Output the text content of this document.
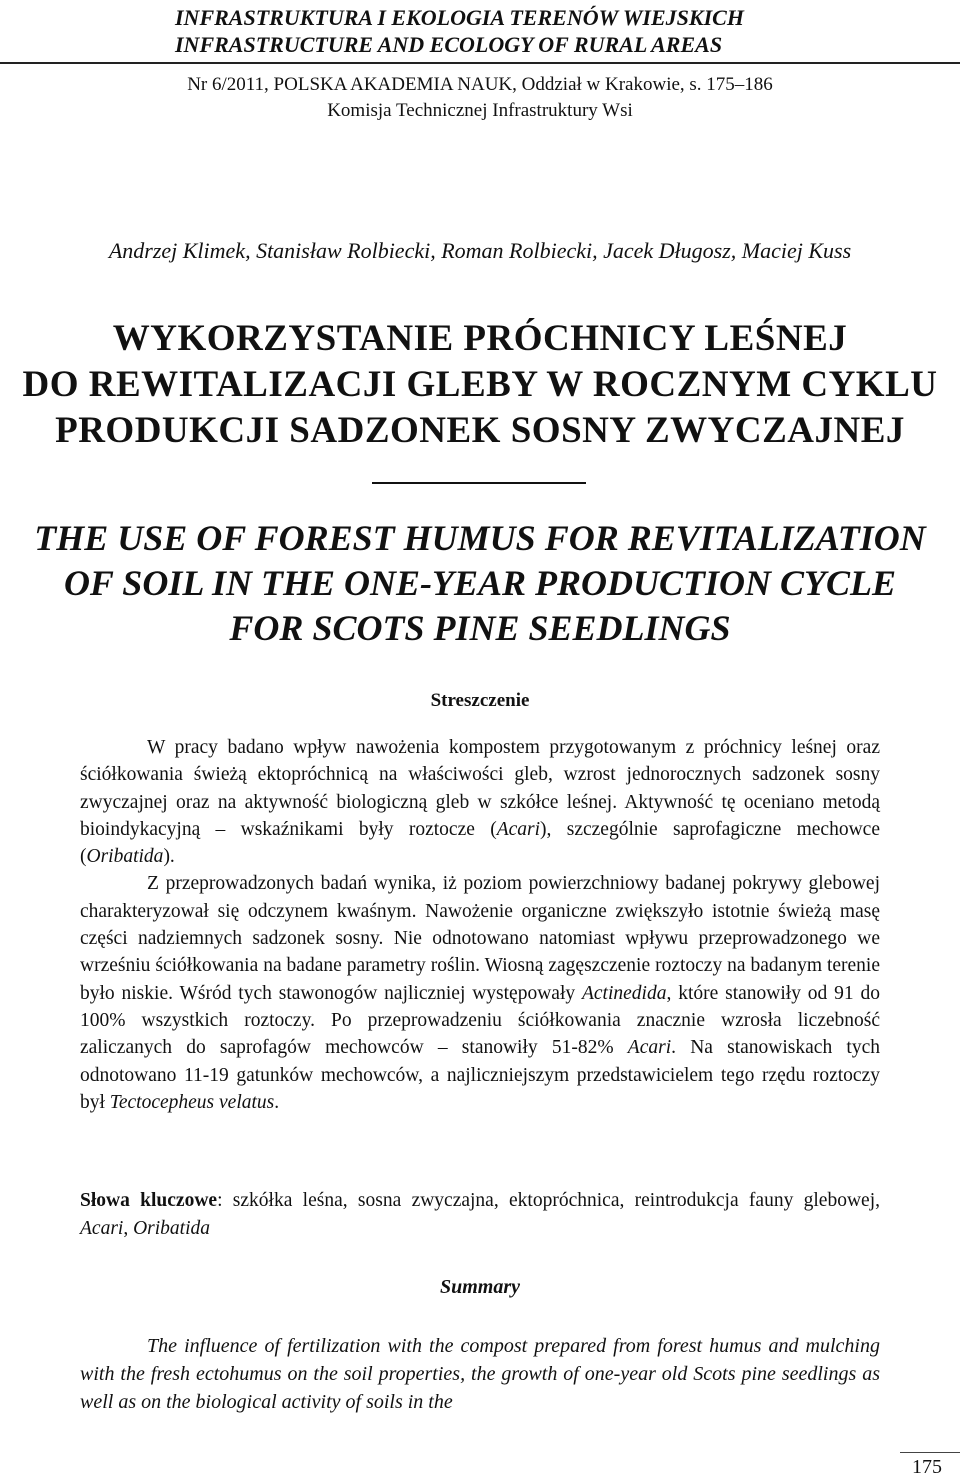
INFRASTRUKTURA I EKOLOGIA TERENÓW WIEJSKICH
INFRASTRUCTURE AND ECOLOGY OF RURAL AREAS
Nr 6/2011, POLSKA AKADEMIA NAUK, Oddział w Krakowie, s. 175–186
Komisja Technicznej Infrastruktury Wsi
Andrzej Klimek, Stanisław Rolbiecki, Roman Rolbiecki, Jacek Długosz, Maciej Kuss
WYKORZYSTANIE PRÓCHNICY LEŚNEJ
DO REWITALIZACJI GLEBY W ROCZNYM CYKLU
PRODUKCJI SADZONEK SOSNY ZWYCZAJNEJ
THE USE OF FOREST HUMUS FOR REVITALIZATION
OF SOIL IN THE ONE-YEAR PRODUCTION CYCLE
FOR SCOTS PINE SEEDLINGS
Streszczenie

W pracy badano wpływ nawożenia kompostem przygotowanym z próchnicy leśnej oraz ściółkowania świeżą ektopróchnicą na właściwości gleb, wzrost jednorocznych sadzonek sosny zwyczajnej oraz na aktywność biologiczną gleb w szkółce leśnej. Aktywność tę oceniano metodą bioindykacyjną – wskaźnikami były roztocze (Acari), szczególnie saprofagiczne mechowce (Oribatida).

Z przeprowadzonych badań wynika, iż poziom powierzchniowy badanej pokrywy glebowej charakteryzował się odczynem kwaśnym. Nawożenie organiczne zwiększyło istotnie świeżą masę części nadziemnych sadzonek sosny. Nie odnotowano natomiast wpływu przeprowadzonego we wrześniu ściółkowania na badane parametry roślin. Wiosną zagęszczenie roztoczy na badanym terenie było niskie. Wśród tych stawonogów najliczniej występowały Actinedida, które stanowiły od 91 do 100% wszystkich roztoczy. Po przeprowadzeniu ściółkowania znacznie wzrosła liczebność zaliczanych do saprofagów mechowców – stanowiły 51-82% Acari. Na stanowiskach tych odnotowano 11-19 gatunków mechowców, a najliczniejszym przedstawicielem tego rzędu roztoczy był Tectocepheus velatus.

Słowa kluczowe: szkółka leśna, sosna zwyczajna, ektopróchnica, reintrodukcja fauny glebowej, Acari, Oribatida
Summary

The influence of fertilization with the compost prepared from forest humus and mulching with the fresh ectohumus on the soil properties, the growth of one-year old Scots pine seedlings as well as on the biological activity of soils in the

175
